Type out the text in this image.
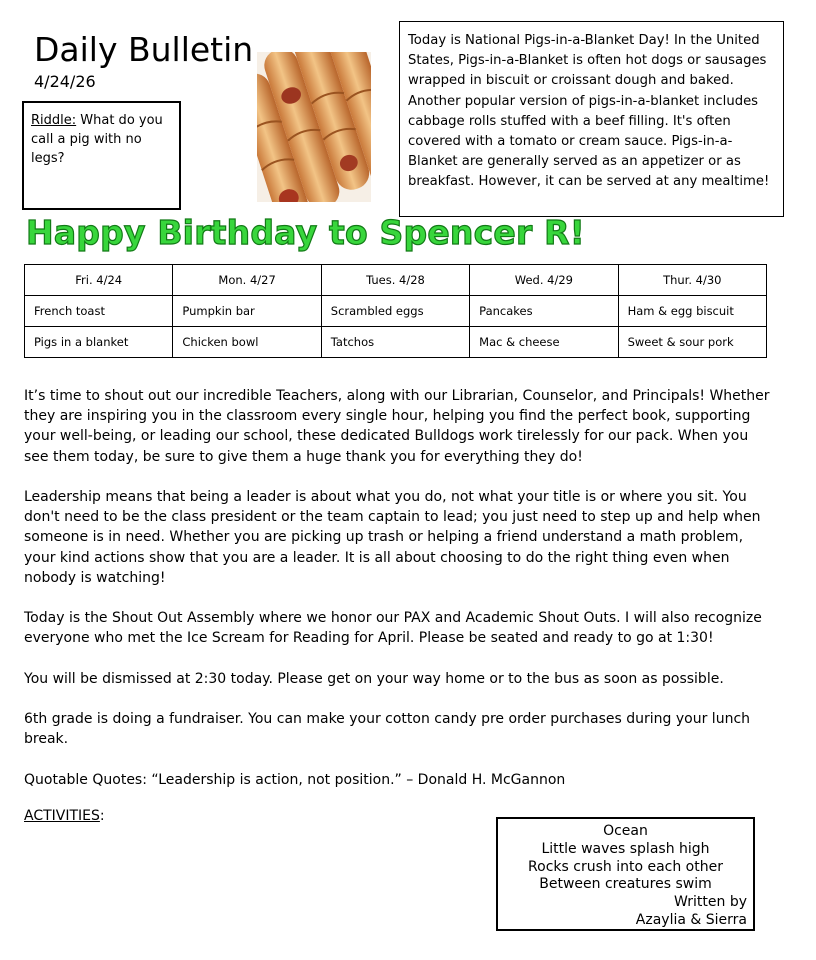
Daily Bulletin
4/24/26
Riddle: What do you call a pig with no legs?
Today is National Pigs-in-a-Blanket Day! In the United States, Pigs-in-a-Blanket is often hot dogs or sausages wrapped in biscuit or croissant dough and baked. Another popular version of pigs-in-a-blanket includes cabbage rolls stuffed with a beef filling. It's often covered with a tomato or cream sauce. Pigs-in-a-Blanket are generally served as an appetizer or as breakfast. However, it can be served at any mealtime!
Happy Birthday to Spencer R!
Fri. 4/24	Mon. 4/27	Tues. 4/28	Wed. 4/29	Thur. 4/30
French toast	Pumpkin bar	Scrambled eggs	Pancakes	Ham & egg biscuit
Pigs in a blanket	Chicken bowl	Tatchos	Mac & cheese	Sweet & sour pork

It’s time to shout out our incredible Teachers, along with our Librarian, Counselor, and Principals! Whether they are inspiring you in the classroom every single hour, helping you find the perfect book, supporting your well-being, or leading our school, these dedicated Bulldogs work tirelessly for our pack. When you see them today, be sure to give them a huge thank you for everything they do!

Leadership means that being a leader is about what you do, not what your title is or where you sit. You don't need to be the class president or the team captain to lead; you just need to step up and help when someone is in need. Whether you are picking up trash or helping a friend understand a math problem, your kind actions show that you are a leader. It is all about choosing to do the right thing even when nobody is watching!

Today is the Shout Out Assembly where we honor our PAX and Academic Shout Outs. I will also recognize everyone who met the Ice Scream for Reading for April. Please be seated and ready to go at 1:30!

You will be dismissed at 2:30 today. Please get on your way home or to the bus as soon as possible.

6th grade is doing a fundraiser. You can make your cotton candy pre order purchases during your lunch break.

Quotable Quotes: “Leadership is action, not position.” – Donald H. McGannon

ACTIVITIES:
Ocean
Little waves splash high
Rocks crush into each other
Between creatures swim
Written by
Azaylia & Sierra
